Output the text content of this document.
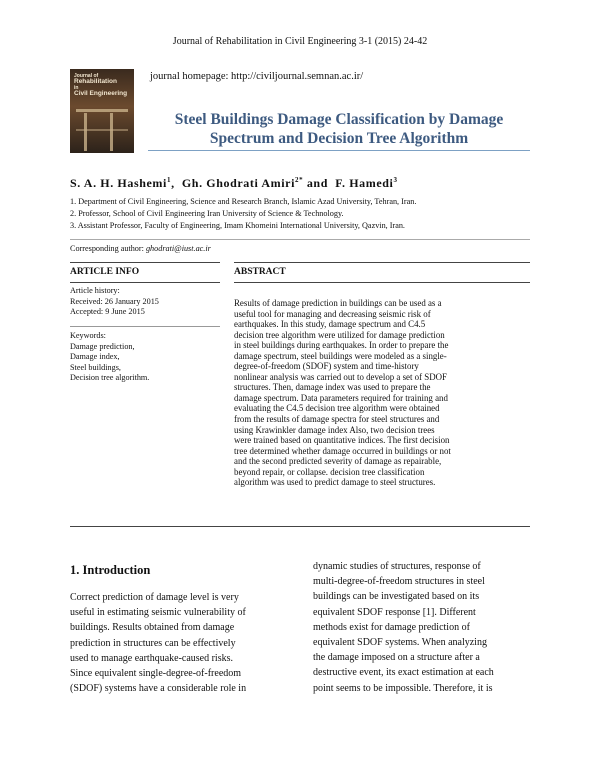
Journal of Rehabilitation in Civil Engineering 3-1 (2015) 24-42
Journal of
Rehabilitation
in
Civil Engineering
journal homepage: http://civiljournal.semnan.ac.ir/
Steel Buildings Damage Classification by Damage
Spectrum and Decision Tree Algorithm
S. A. H. Hashemi$^1$,  Gh. Ghodrati Amiri$^{2*}$ and  F. Hamedi$^3$
1. Department of Civil Engineering, Science and Research Branch, Islamic Azad University, Tehran, Iran.
2. Professor, School of Civil Engineering Iran University of Science & Technology.
3. Assistant Professor, Faculty of Engineering, Imam Khomeini International University, Qazvin, Iran.
Corresponding author: ghodrati@iust.ac.ir
ARTICLE INFO
Article history:
Received: 26 January 2015
Accepted: 9 June 2015
Keywords:
Damage prediction,
Damage index,
Steel buildings,
Decision tree algorithm.
ABSTRACT
Results of damage prediction in buildings can be used as a
useful tool for managing and decreasing seismic risk of
earthquakes. In this study, damage spectrum and C4.5
decision tree algorithm were utilized for damage prediction
in steel buildings during earthquakes. In order to prepare the
damage spectrum, steel buildings were modeled as a single-
degree-of-freedom (SDOF) system and time-history
nonlinear analysis was carried out to develop a set of SDOF
structures. Then, damage index was used to prepare the
damage spectrum. Data parameters required for training and
evaluating the C4.5 decision tree algorithm were obtained
from the results of damage spectra for steel structures and
using Krawinkler damage index Also, two decision trees
were trained based on quantitative indices. The first decision
tree determined whether damage occurred in buildings or not
and the second predicted severity of damage as repairable,
beyond repair, or collapse. decision tree classification
algorithm was used to predict damage to steel structures.
1. Introduction
Correct prediction of damage level is very
useful in estimating seismic vulnerability of
buildings. Results obtained from damage
prediction in structures can be effectively
used to manage earthquake-caused risks.
Since equivalent single-degree-of-freedom
(SDOF) systems have a considerable role in
dynamic studies of structures, response of
multi-degree-of-freedom structures in steel
buildings can be investigated based on its
equivalent SDOF response [1]. Different
methods exist for damage prediction of
equivalent SDOF systems. When analyzing
the damage imposed on a structure after a
destructive event, its exact estimation at each
point seems to be impossible. Therefore, it is
